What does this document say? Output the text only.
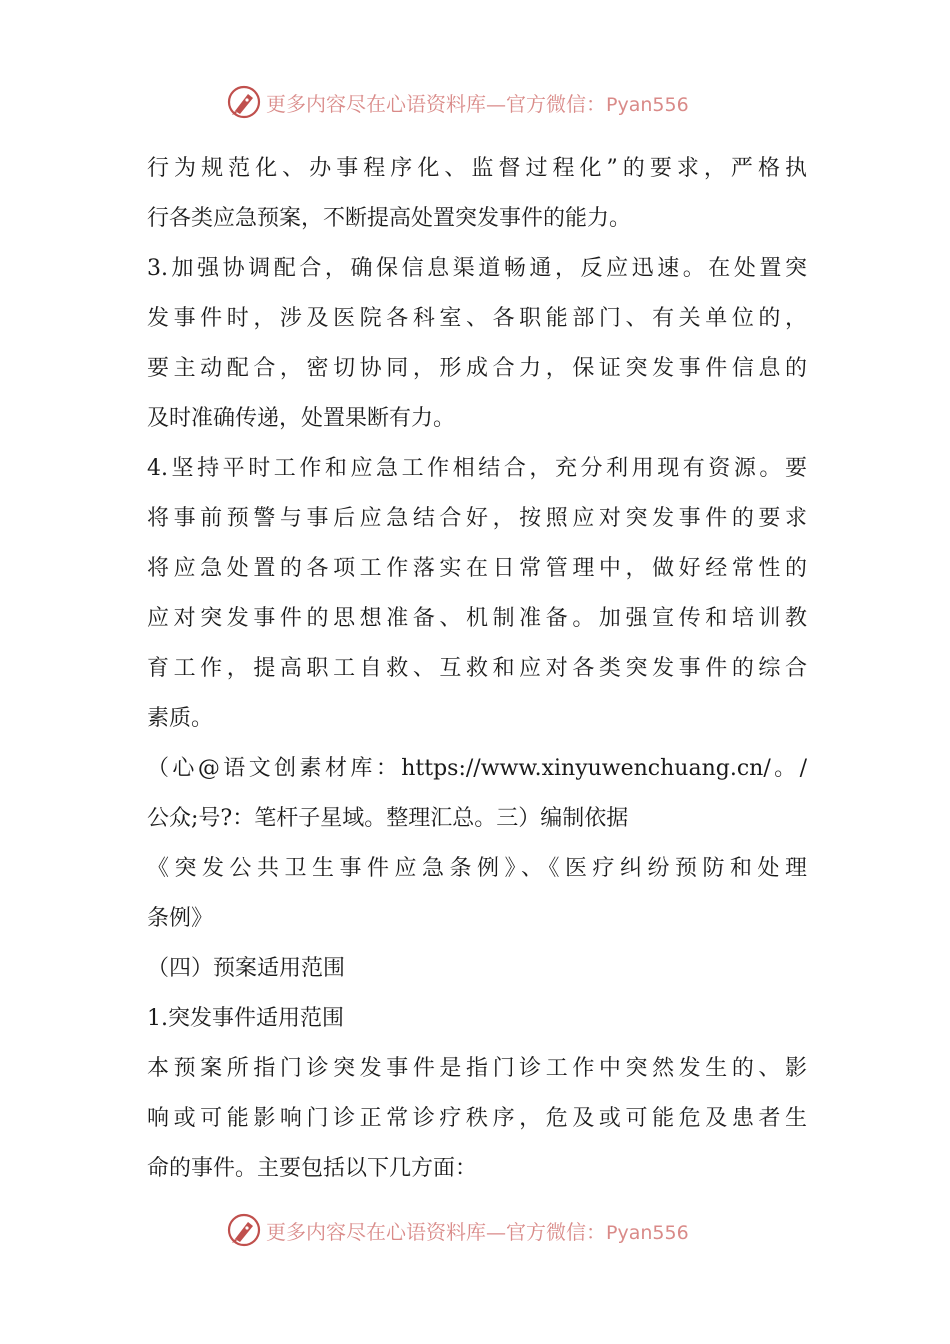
更多内容尽在心语资料库—官方微信：Pyan556
行为规范化、办事程序化、监督过程化”的要求，严格执
行各类应急预案，不断提高处置突发事件的能力。
3.加强协调配合，确保信息渠道畅通，反应迅速。在处置突
发事件时，涉及医院各科室、各职能部门、有关单位的，
要主动配合，密切协同，形成合力，保证突发事件信息的
及时准确传递，处置果断有力。
4.坚持平时工作和应急工作相结合，充分利用现有资源。要
将事前预警与事后应急结合好，按照应对突发事件的要求
将应急处置的各项工作落实在日常管理中，做好经常性的
应对突发事件的思想准备、机制准备。加强宣传和培训教
育工作，提高职工自救、互救和应对各类突发事件的综合
素质。
（心@语文创素材库：https://www.xinyuwenchuang.cn/。/
公众;号?：笔杆子星域。整理汇总。三）编制依据
《突发公共卫生事件应急条例》、《医疗纠纷预防和处理
条例》
（四）预案适用范围
1.突发事件适用范围
本预案所指门诊突发事件是指门诊工作中突然发生的、影
响或可能影响门诊正常诊疗秩序，危及或可能危及患者生
命的事件。主要包括以下几方面：
更多内容尽在心语资料库—官方微信：Pyan556
